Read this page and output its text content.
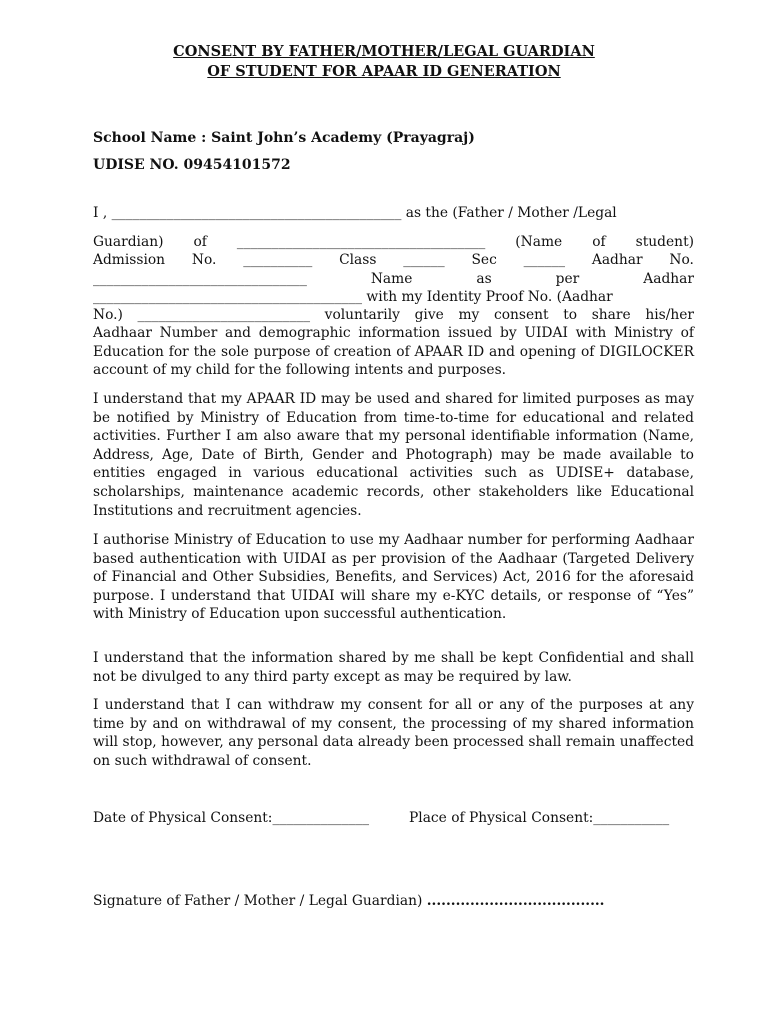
CONSENT BY FATHER/MOTHER/LEGAL GUARDIAN
OF STUDENT FOR APAAR ID GENERATION
School Name : Saint John’s Academy (Prayagraj)
UDISE NO. 09454101572
I , __________________________________________ as the (Father / Mother /Legal
Guardian) of ____________________________________ (Name of student)
Admission No. __________ Class ______ Sec ______ Aadhar No.
_______________________________	Name	as	per	Aadhar
_______________________________________ with my Identity Proof No. (Aadhar
No.) _________________________ voluntarily give my consent to share his/her
Aadhaar Number and demographic information issued by UIDAI with Ministry of Education for the sole purpose of creation of APAAR ID and opening of DIGILOCKER account of my child for the following intents and purposes.
I understand that my APAAR ID may be used and shared for limited purposes as may be notified by Ministry of Education from time-to-time for educational and related activities. Further I am also aware that my personal identifiable information (Name, Address, Age, Date of Birth, Gender and Photograph) may be made available to entities engaged in various educational activities such as UDISE+ database, scholarships, maintenance academic records, other stakeholders like Educational Institutions and recruitment agencies.
I authorise Ministry of Education to use my Aadhaar number for performing Aadhaar based authentication with UIDAI as per provision of the Aadhaar (Targeted Delivery of Financial and Other Subsidies, Benefits, and Services) Act, 2016 for the aforesaid purpose. I understand that UIDAI will share my e-KYC details, or response of “Yes” with Ministry of Education upon successful authentication.
I understand that the information shared by me shall be kept Confidential and shall not be divulged to any third party except as may be required by law.
I understand that I can withdraw my consent for all or any of the purposes at any time by and on withdrawal of my consent, the processing of my shared information will stop, however, any personal data already been processed shall remain unaffected on such withdrawal of consent.
Date of Physical Consent:______________	Place of Physical Consent:___________
Signature of Father / Mother / Legal Guardian) .....................................
